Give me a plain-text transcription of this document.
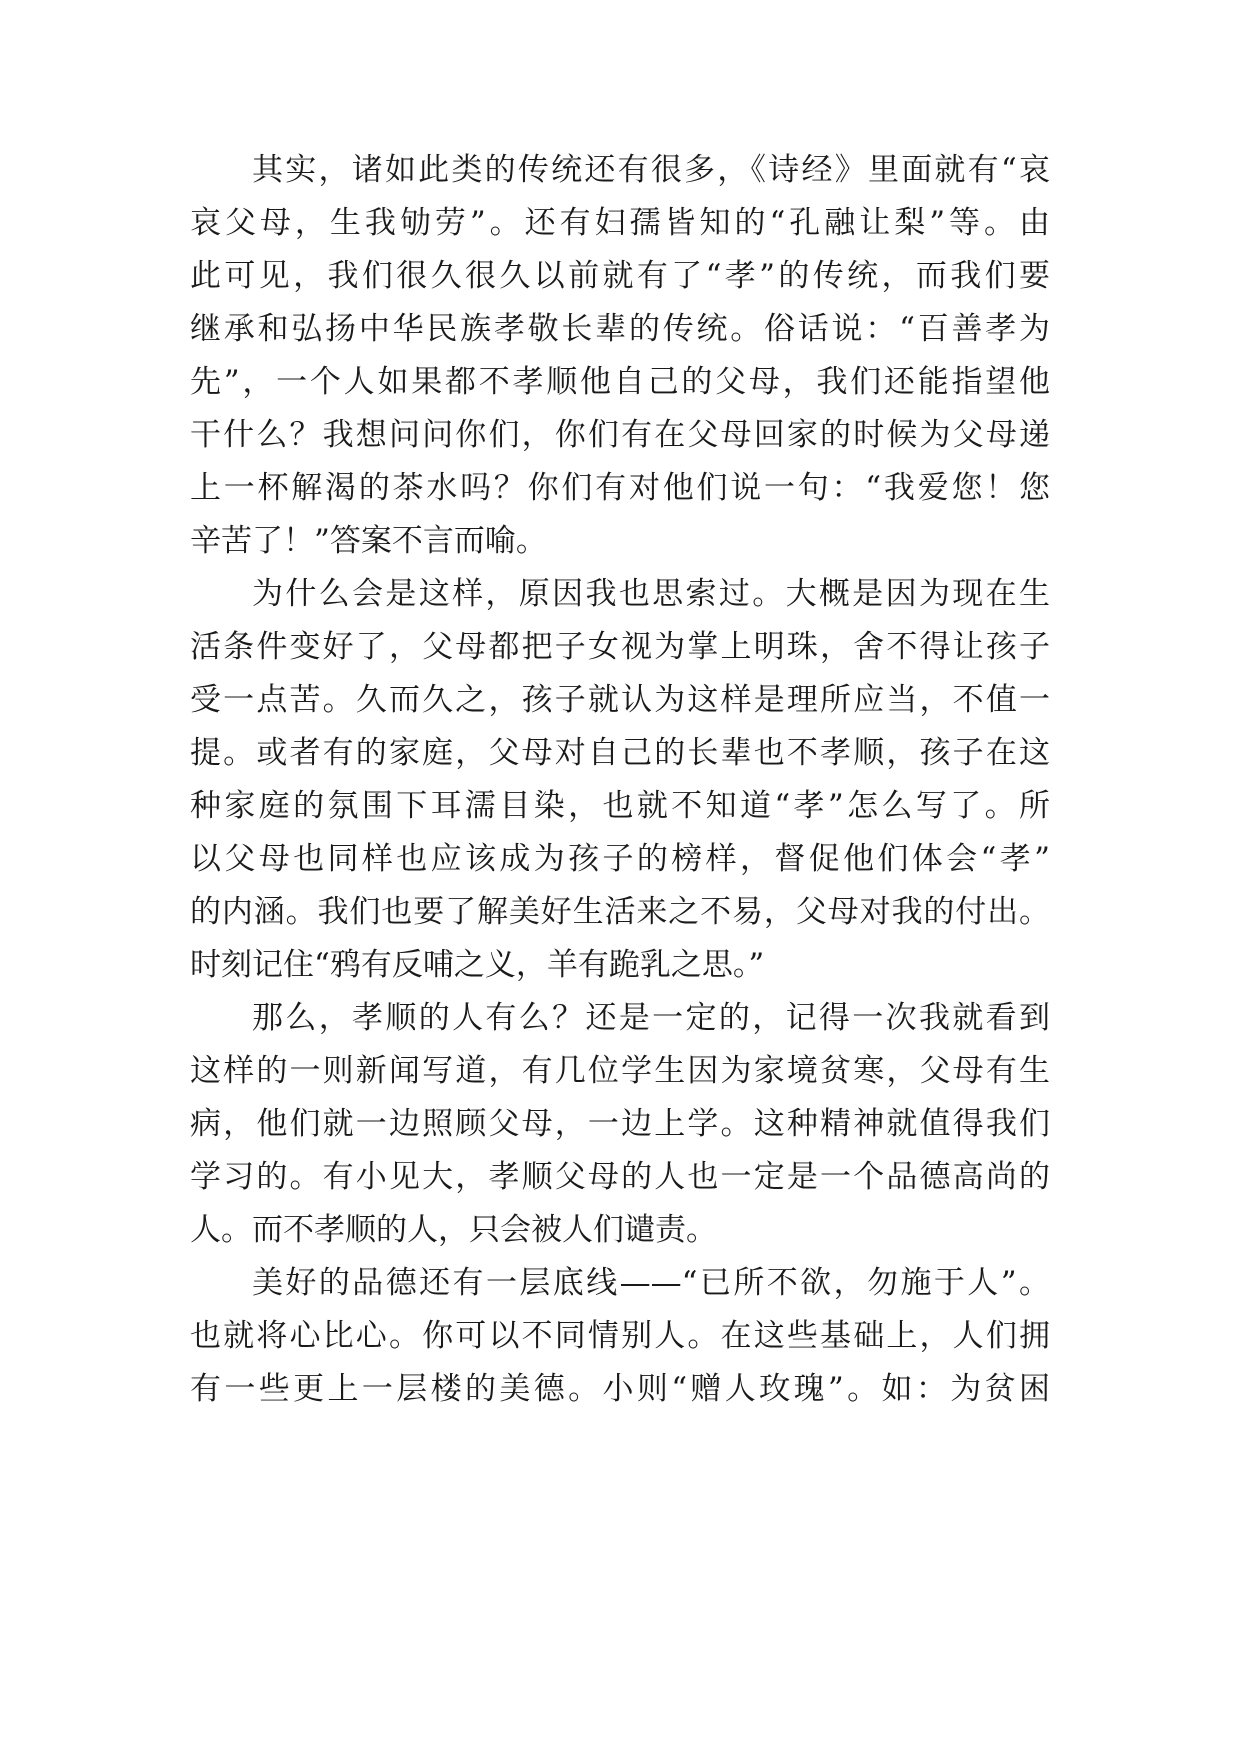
其实，诸如此类的传统还有很多，《诗经》里面就有“哀
哀父母，生我劬劳”。还有妇孺皆知的“孔融让梨”等。由
此可见，我们很久很久以前就有了“孝”的传统，而我们要
继承和弘扬中华民族孝敬长辈的传统。俗话说：“百善孝为
先”，一个人如果都不孝顺他自己的父母，我们还能指望他
干什么？我想问问你们，你们有在父母回家的时候为父母递
上一杯解渴的茶水吗？你们有对他们说一句：“我爱您！您
辛苦了！”答案不言而喻。
为什么会是这样，原因我也思索过。大概是因为现在生
活条件变好了，父母都把子女视为掌上明珠，舍不得让孩子
受一点苦。久而久之，孩子就认为这样是理所应当，不值一
提。或者有的家庭，父母对自己的长辈也不孝顺，孩子在这
种家庭的氛围下耳濡目染，也就不知道“孝”怎么写了。所
以父母也同样也应该成为孩子的榜样，督促他们体会“孝”
的内涵。我们也要了解美好生活来之不易，父母对我的付出。
时刻记住“鸦有反哺之义，羊有跪乳之思。”
那么，孝顺的人有么？还是一定的，记得一次我就看到
这样的一则新闻写道，有几位学生因为家境贫寒，父母有生
病，他们就一边照顾父母，一边上学。这种精神就值得我们
学习的。有小见大，孝顺父母的人也一定是一个品德高尚的
人。而不孝顺的人，只会被人们谴责。
美好的品德还有一层底线——“已所不欲，勿施于人”。
也就将心比心。你可以不同情别人。在这些基础上，人们拥
有一些更上一层楼的美德。小则“赠人玫瑰”。如：为贫困
